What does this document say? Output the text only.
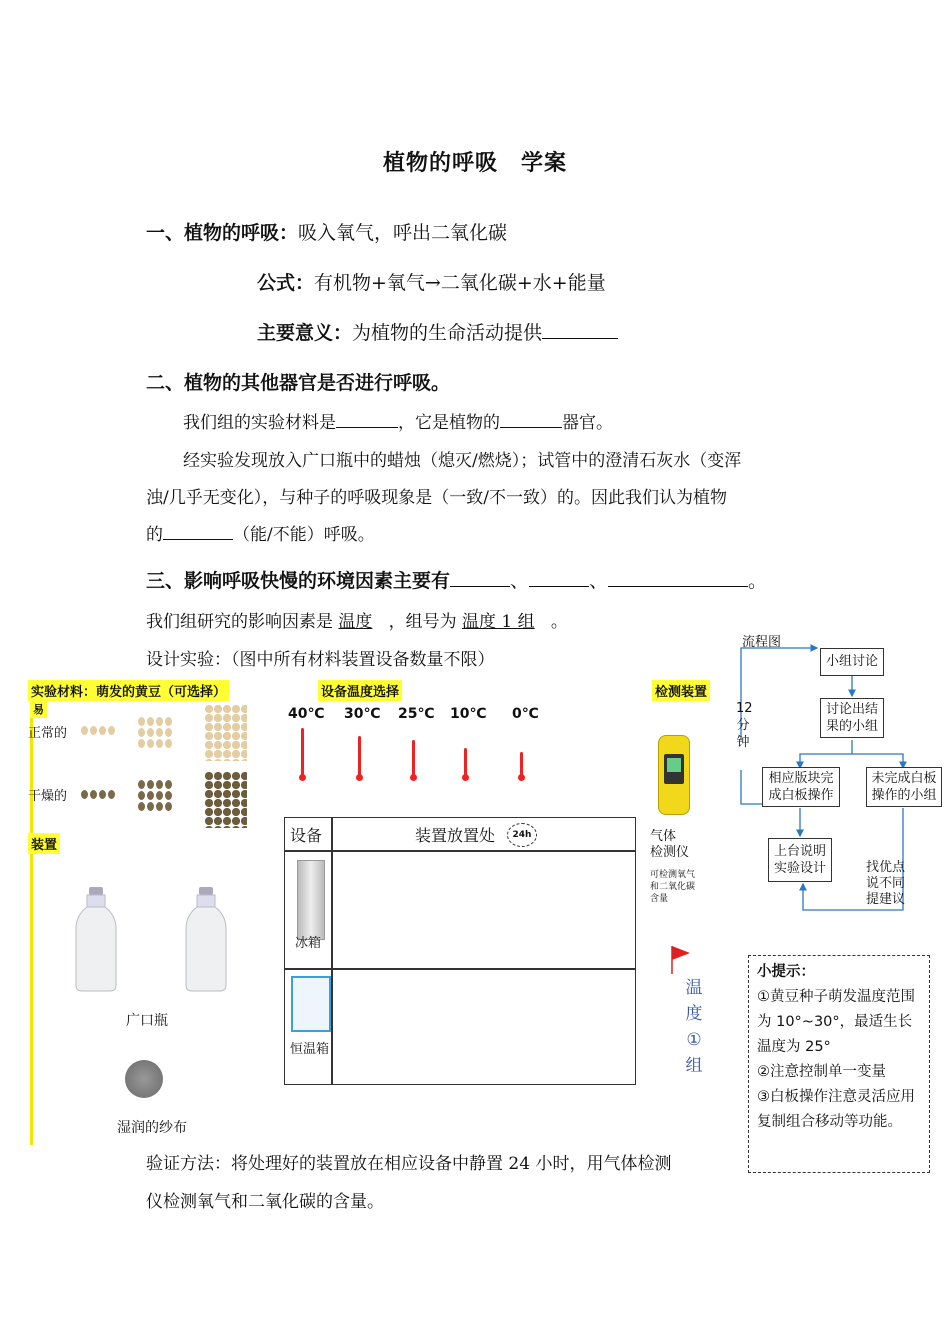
植物的呼吸　学案
一、植物的呼吸：吸入氧气，呼出二氧化碳
公式：有机物+氧气→二氧化碳+水+能量
主要意义：为植物的生命活动提供
二、植物的其他器官是否进行呼吸。
我们组的实验材料是	，它是植物的	器官。
经实验发现放入广口瓶中的蜡烛（熄灭/燃烧）；试管中的澄清石灰水（变浑
浊/几乎无变化），与种子的呼吸现象是（一致/不一致）的。因此我们认为植物
的	（能/不能）呼吸。
三、影响呼吸快慢的环境因素主要有	、	、	。
我们组研究的影响因素是 温度 ，组号为 温度 1 组 。
设计实验：（图中所有材料装置设备数量不限）
实验材料：萌发的黄豆（可选择）
易
正常的
干燥的

装置
广口瓶
湿润的纱布
设备温度选择
40℃ 30℃ 25℃ 10℃ 0℃
设备	装置放置处	24h
冰箱
恒温箱
检测装置
气体
检测仪
可检测氧气
和二氧化碳
含量
温
度
①
组
流程图
小组讨论
讨论出结
果的小组
12
分
钟
相应版块完
成白板操作
未完成白板
操作的小组
上台说明
实验设计	找优点
说不同
提建议
小提示：
①黄豆种子萌发温度范围为 10°~30°，最适生长温度为 25°
②注意控制单一变量
③白板操作注意灵活应用复制组合移动等功能。
验证方法：将处理好的装置放在相应设备中静置 24 小时，用气体检测
仪检测氧气和二氧化碳的含量。
